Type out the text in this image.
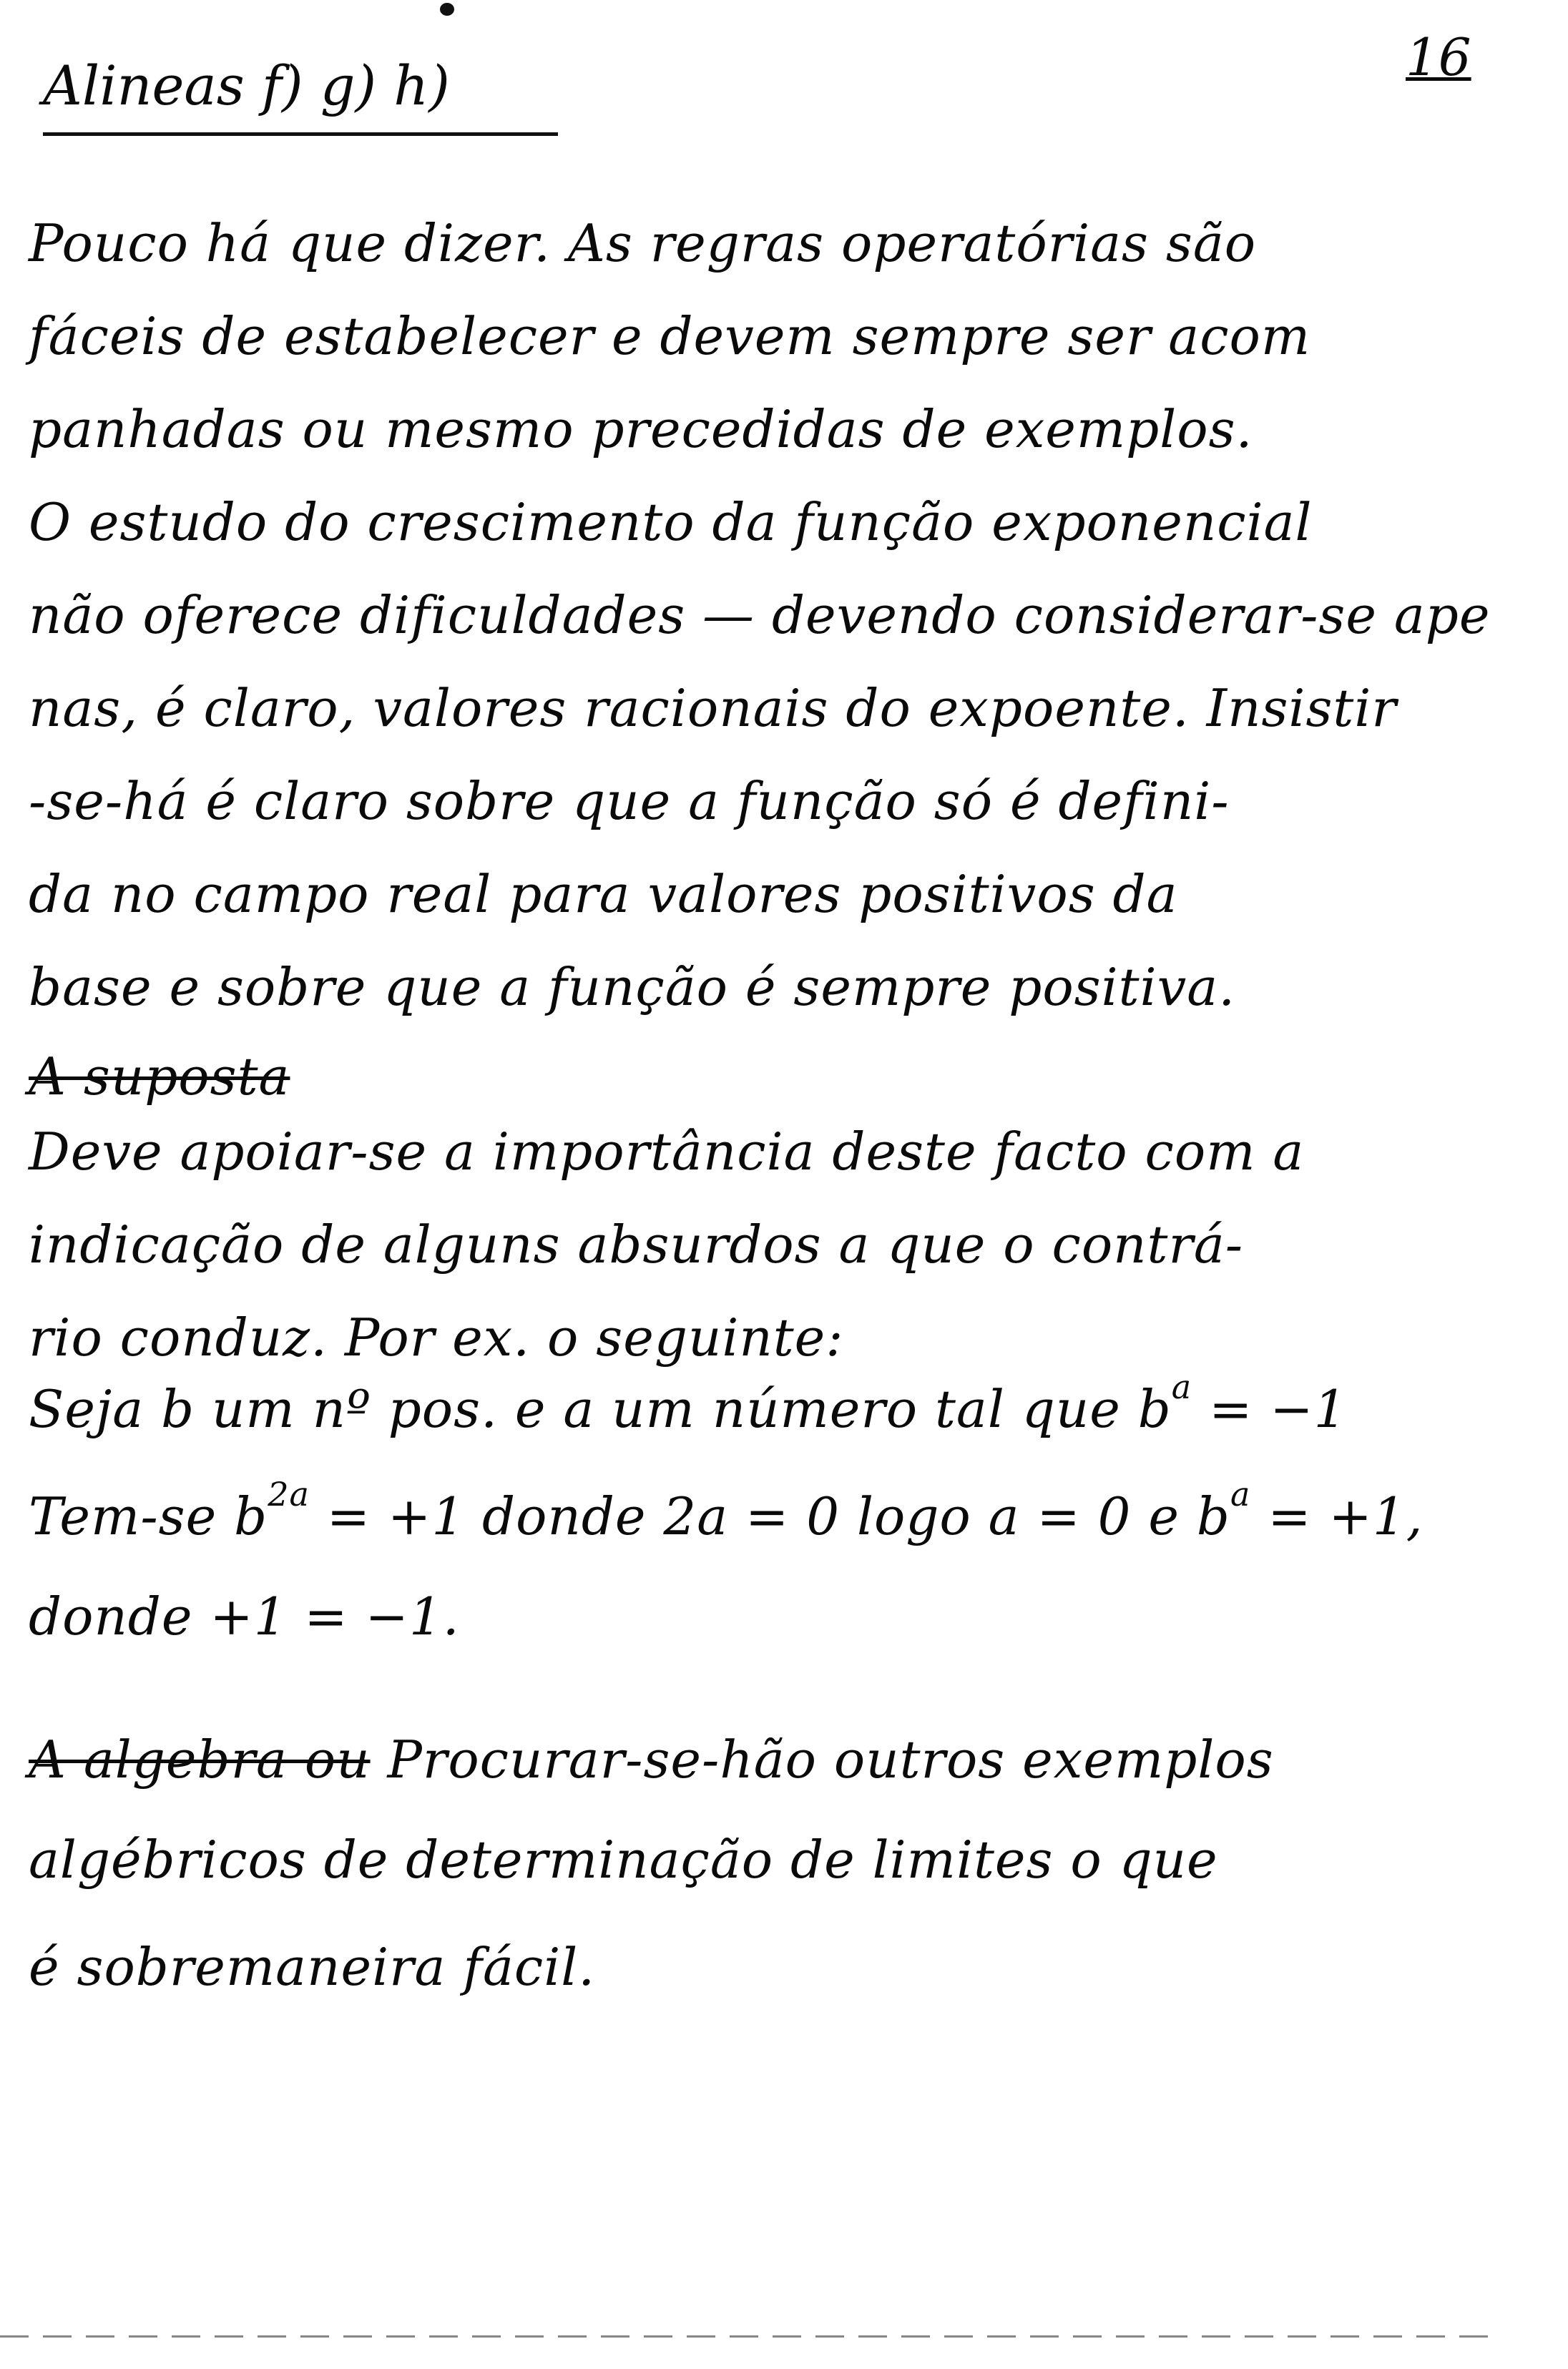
16
Alineas f) g) h)
Pouco há que dizer. As regras operatórias são
fáceis de estabelecer e devem sempre ser acom
panhadas ou mesmo precedidas de exemplos.
O estudo do crescimento da função exponencial
não oferece dificuldades — devendo considerar-se ape
nas, é claro, valores racionais do expoente. Insistir
-se-há é claro sobre que a função só é defini-
da no campo real para valores positivos da
base e sobre que a função é sempre positiva.
A suposta
Deve apoiar-se a importância deste facto com a
indicação de alguns absurdos a que o contrá-
rio conduz. Por ex. o seguinte:
Seja b um nº pos. e a um número tal que $b^a = -1$
Tem-se $b^{2a} = +1$ donde 2a = 0 logo a = 0 e $b^a = +1$,
donde +1 = −1.
A algebra ou Procurar-se-hão outros exemplos
algébricos de determinação de limites o que
é sobremaneira fácil.
